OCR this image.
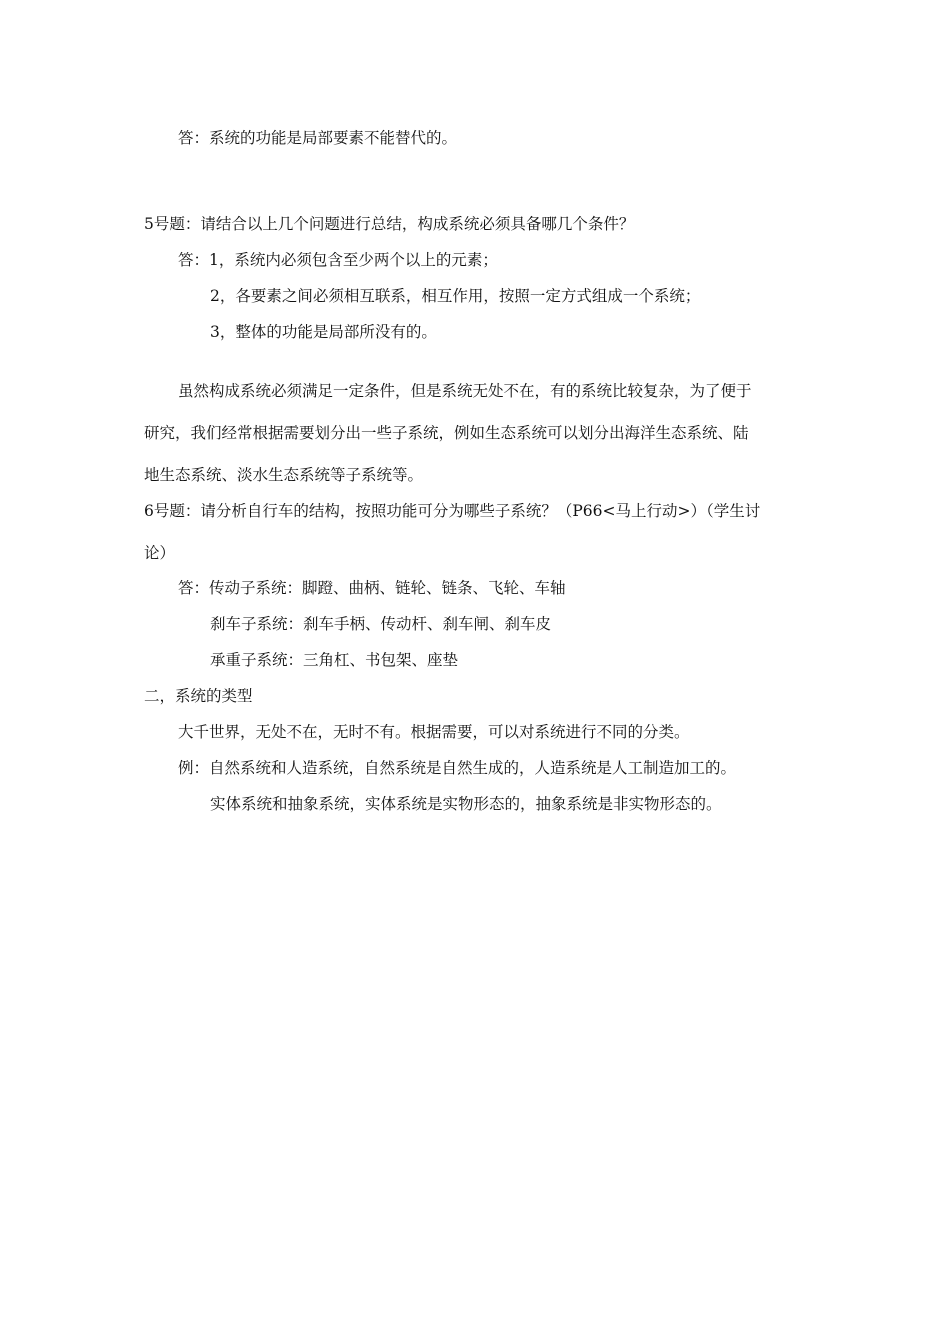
答：系统的功能是局部要素不能替代的。
5号题：请结合以上几个问题进行总结，构成系统必须具备哪几个条件？
答：1，系统内必须包含至少两个以上的元素；
2，各要素之间必须相互联系，相互作用，按照一定方式组成一个系统；
3，整体的功能是局部所没有的。
虽然构成系统必须满足一定条件，但是系统无处不在，有的系统比较复杂，为了便于
研究，我们经常根据需要划分出一些子系统，例如生态系统可以划分出海洋生态系统、陆
地生态系统、淡水生态系统等子系统等。
6号题：请分析自行车的结构，按照功能可分为哪些子系统？（P66<马上行动>）（学生讨
论）
答：传动子系统：脚蹬、曲柄、链轮、链条、飞轮、车轴
刹车子系统：刹车手柄、传动杆、刹车闸、刹车皮
承重子系统：三角杠、书包架、座垫
二，系统的类型
大千世界，无处不在，无时不有。根据需要，可以对系统进行不同的分类。
例：自然系统和人造系统，自然系统是自然生成的，人造系统是人工制造加工的。
实体系统和抽象系统，实体系统是实物形态的，抽象系统是非实物形态的。
